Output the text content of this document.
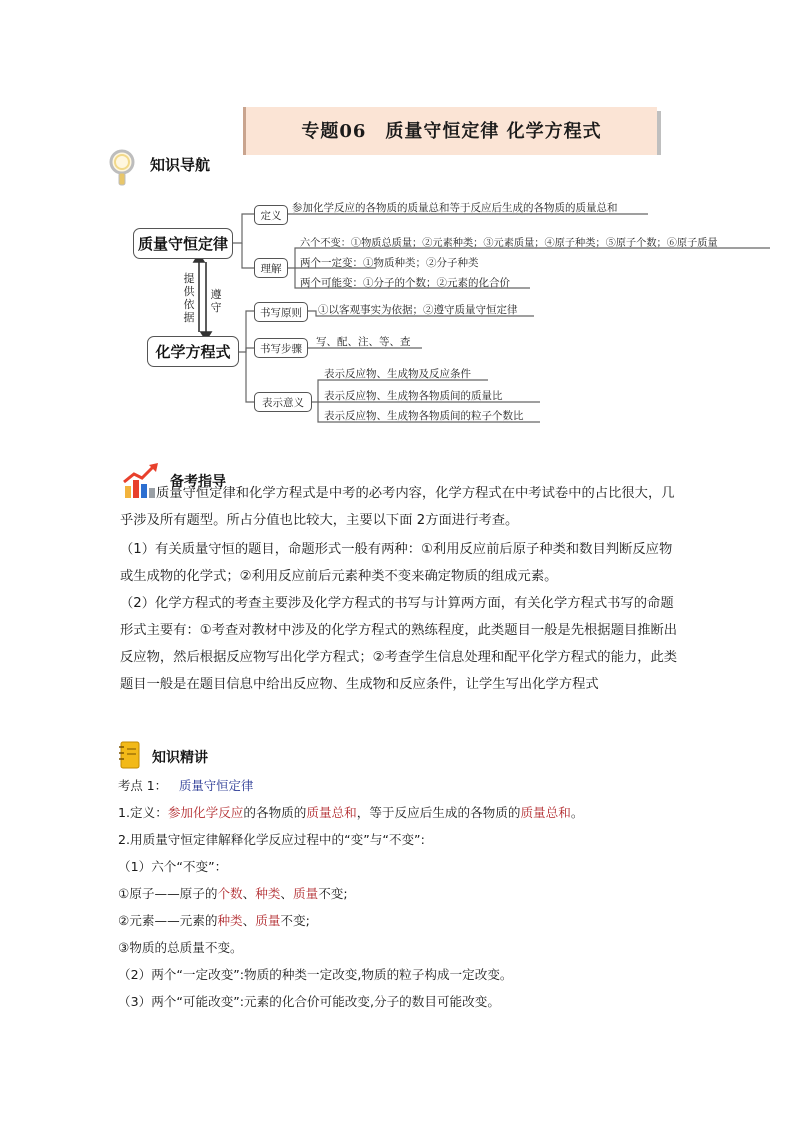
专题06　质量守恒定律 化学方程式
知识导航
质量守恒定律
化学方程式
提供依据
遵守
定义
理解
书写原则
书写步骤
表示意义
参加化学反应的各物质的质量总和等于反应后生成的各物质的质量总和
六个不变：①物质总质量；②元素种类；③元素质量；④原子种类；⑤原子个数；⑥原子质量
两个一定变：①物质种类；②分子种类
两个可能变：①分子的个数；②元素的化合价
①以客观事实为依据；②遵守质量守恒定律
写、配、注、等、查
表示反应物、生成物及反应条件
表示反应物、生成物各物质间的质量比
表示反应物、生成物各物质间的粒子个数比
备考指导
质量守恒定律和化学方程式是中考的必考内容，化学方程式在中考试卷中的占比很大，几乎涉及所有题型。所占分值也比较大，主要以下面 2方面进行考查。
（1）有关质量守恒的题目，命题形式一般有两种：①利用反应前后原子种类和数目判断反应物或生成物的化学式；②利用反应前后元素种类不变来确定物质的组成元素。
（2）化学方程式的考查主要涉及化学方程式的书写与计算两方面，有关化学方程式书写的命题形式主要有：①考查对教材中涉及的化学方程式的熟练程度，此类题目一般是先根据题目推断出反应物，然后根据反应物写出化学方程式；②考查学生信息处理和配平化学方程式的能力，此类题目一般是在题目信息中给出反应物、生成物和反应条件，让学生写出化学方程式
知识精讲
考点 1： 质量守恒定律
1.定义：参加化学反应的各物质的质量总和，等于反应后生成的各物质的质量总和。
2.用质量守恒定律解释化学反应过程中的“变”与“不变”:
（1）六个“不变”：
①原子——原子的个数、种类、质量不变;
②元素——元素的种类、质量不变;
③物质的总质量不变。
（2）两个“一定改变”:物质的种类一定改变,物质的粒子构成一定改变。
（3）两个“可能改变”:元素的化合价可能改变,分子的数目可能改变。
